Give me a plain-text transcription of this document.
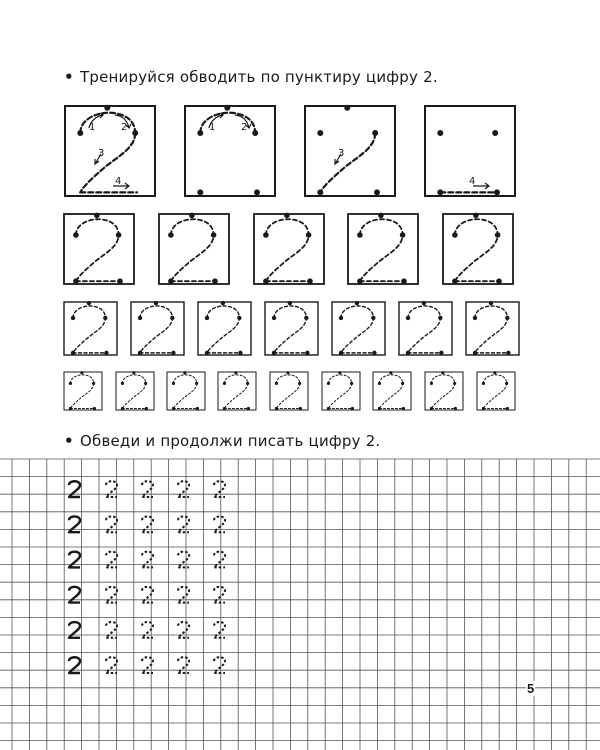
• Тренируйся обводить по пунктиру цифру 2.
1	2
3
4
1	2
3
4
• Обведи и продолжи писать цифру 2.
5
